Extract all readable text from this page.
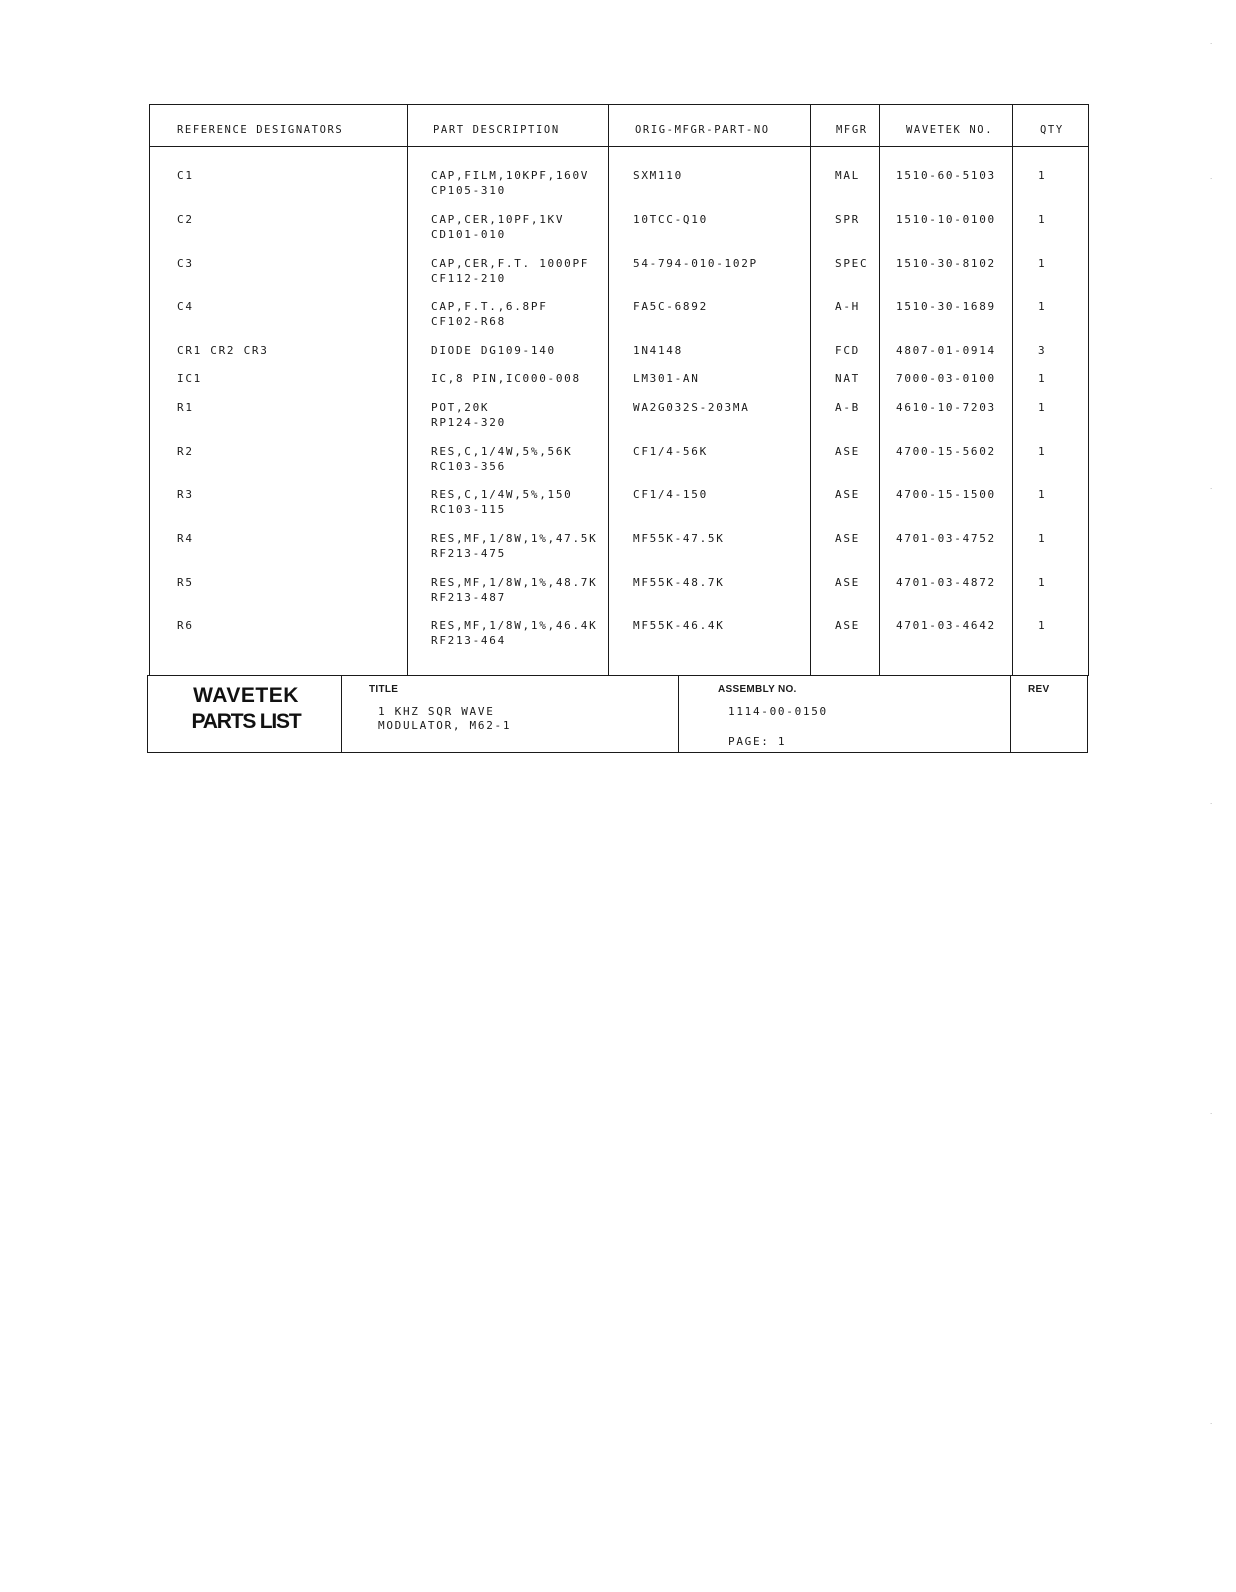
REFERENCE DESIGNATORS	PART DESCRIPTION	ORIG-MFGR-PART-NO	MFGR	WAVETEK NO.	QTY
C1	CAP,FILM,10KPF,160V
CP105-310
SXM110	MAL	1510-60-5103	1
C2	CAP,CER,10PF,1KV
CD101-010
10TCC-Q10	SPR	1510-10-0100	1
C3	CAP,CER,F.T. 1000PF
CF112-210
54-794-010-102P	SPEC	1510-30-8102	1
C4	CAP,F.T.,6.8PF
CF102-R68
FA5C-6892	A-H	1510-30-1689	1
CR1 CR2 CR3	DIODE DG109-140	1N4148	FCD	4807-01-0914	3
IC1	IC,8 PIN,IC000-008	LM301-AN	NAT	7000-03-0100	1
R1	POT,20K
RP124-320
WA2G032S-203MA	A-B	4610-10-7203	1
R2	RES,C,1/4W,5%,56K
RC103-356
CF1/4-56K	ASE	4700-15-5602	1
R3	RES,C,1/4W,5%,150
RC103-115
CF1/4-150	ASE	4700-15-1500	1
R4	RES,MF,1/8W,1%,47.5K
RF213-475
MF55K-47.5K	ASE	4701-03-4752	1
R5	RES,MF,1/8W,1%,48.7K
RF213-487
MF55K-48.7K	ASE	4701-03-4872	1
R6	RES,MF,1/8W,1%,46.4K
RF213-464
MF55K-46.4K	ASE	4701-03-4642	1
WAVETEK
PARTS LIST
TITLE
1 KHZ SQR WAVE
MODULATOR, M62-1
ASSEMBLY NO.
1114-00-0150
PAGE: 1
REV
·
·
·
·
·
·
